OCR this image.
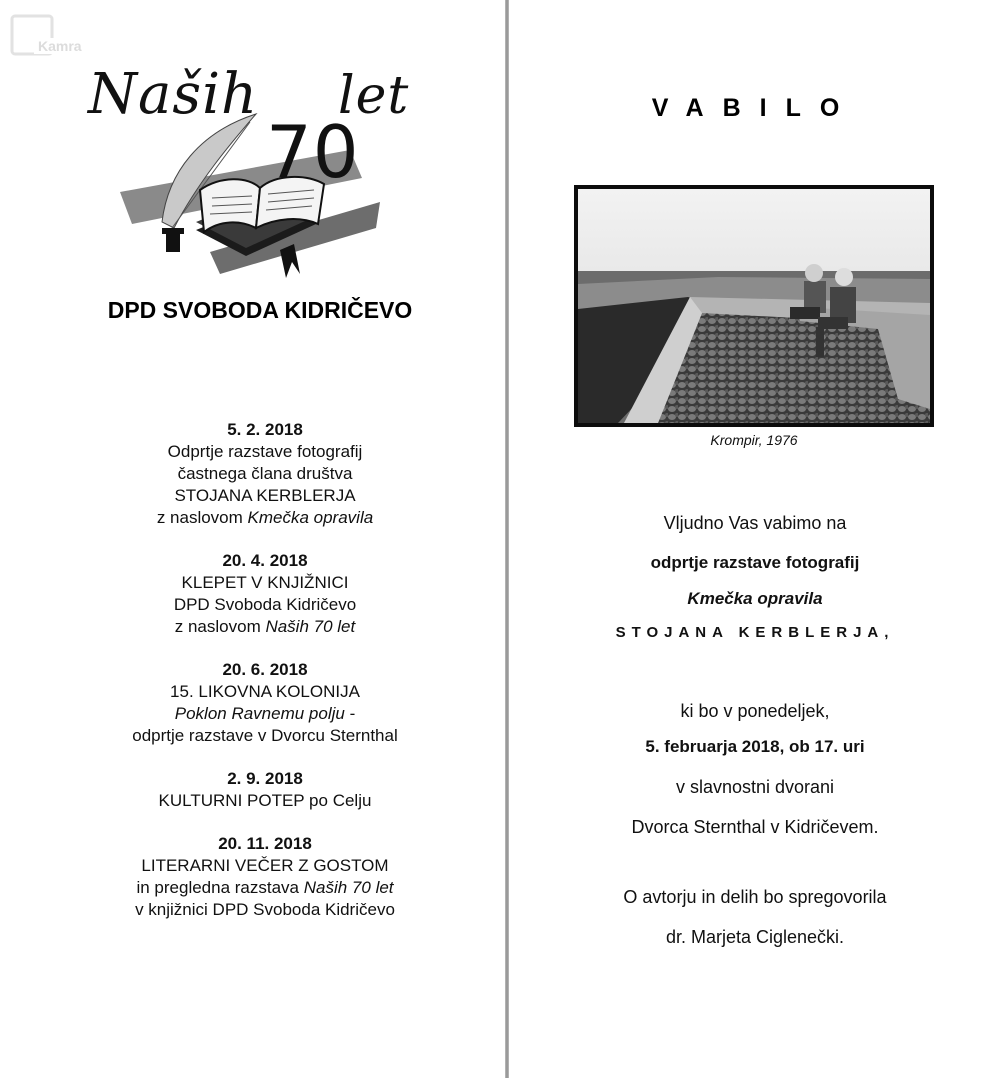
Kamra
Naših let
70
DPD SVOBODA KIDRIČEVO
5. 2. 2018
Odprtje razstave fotografij
častnega člana društva
STOJANA KERBLERJA
z naslovom Kmečka opravila
20. 4. 2018
KLEPET V KNJIŽNICI
DPD Svoboda Kidričevo
z naslovom Naših 70 let
20. 6. 2018
15. LIKOVNA KOLONIJA
Poklon Ravnemu polju -
odprtje razstave v Dvorcu Sternthal
2. 9. 2018
KULTURNI POTEP po Celju
20. 11. 2018
LITERARNI VEČER Z GOSTOM
in pregledna razstava Naših 70 let
v knjižnici DPD Svoboda Kidričevo
VABILO
Krompir, 1976
Vljudno Vas vabimo na
odprtje razstave fotografij
Kmečka opravila
STOJANA KERBLERJA,
ki bo v ponedeljek,
5. februarja 2018, ob 17. uri
v slavnostni dvorani
Dvorca Sternthal v Kidričevem.
O avtorju in delih bo spregovorila
dr. Marjeta Ciglenečki.
